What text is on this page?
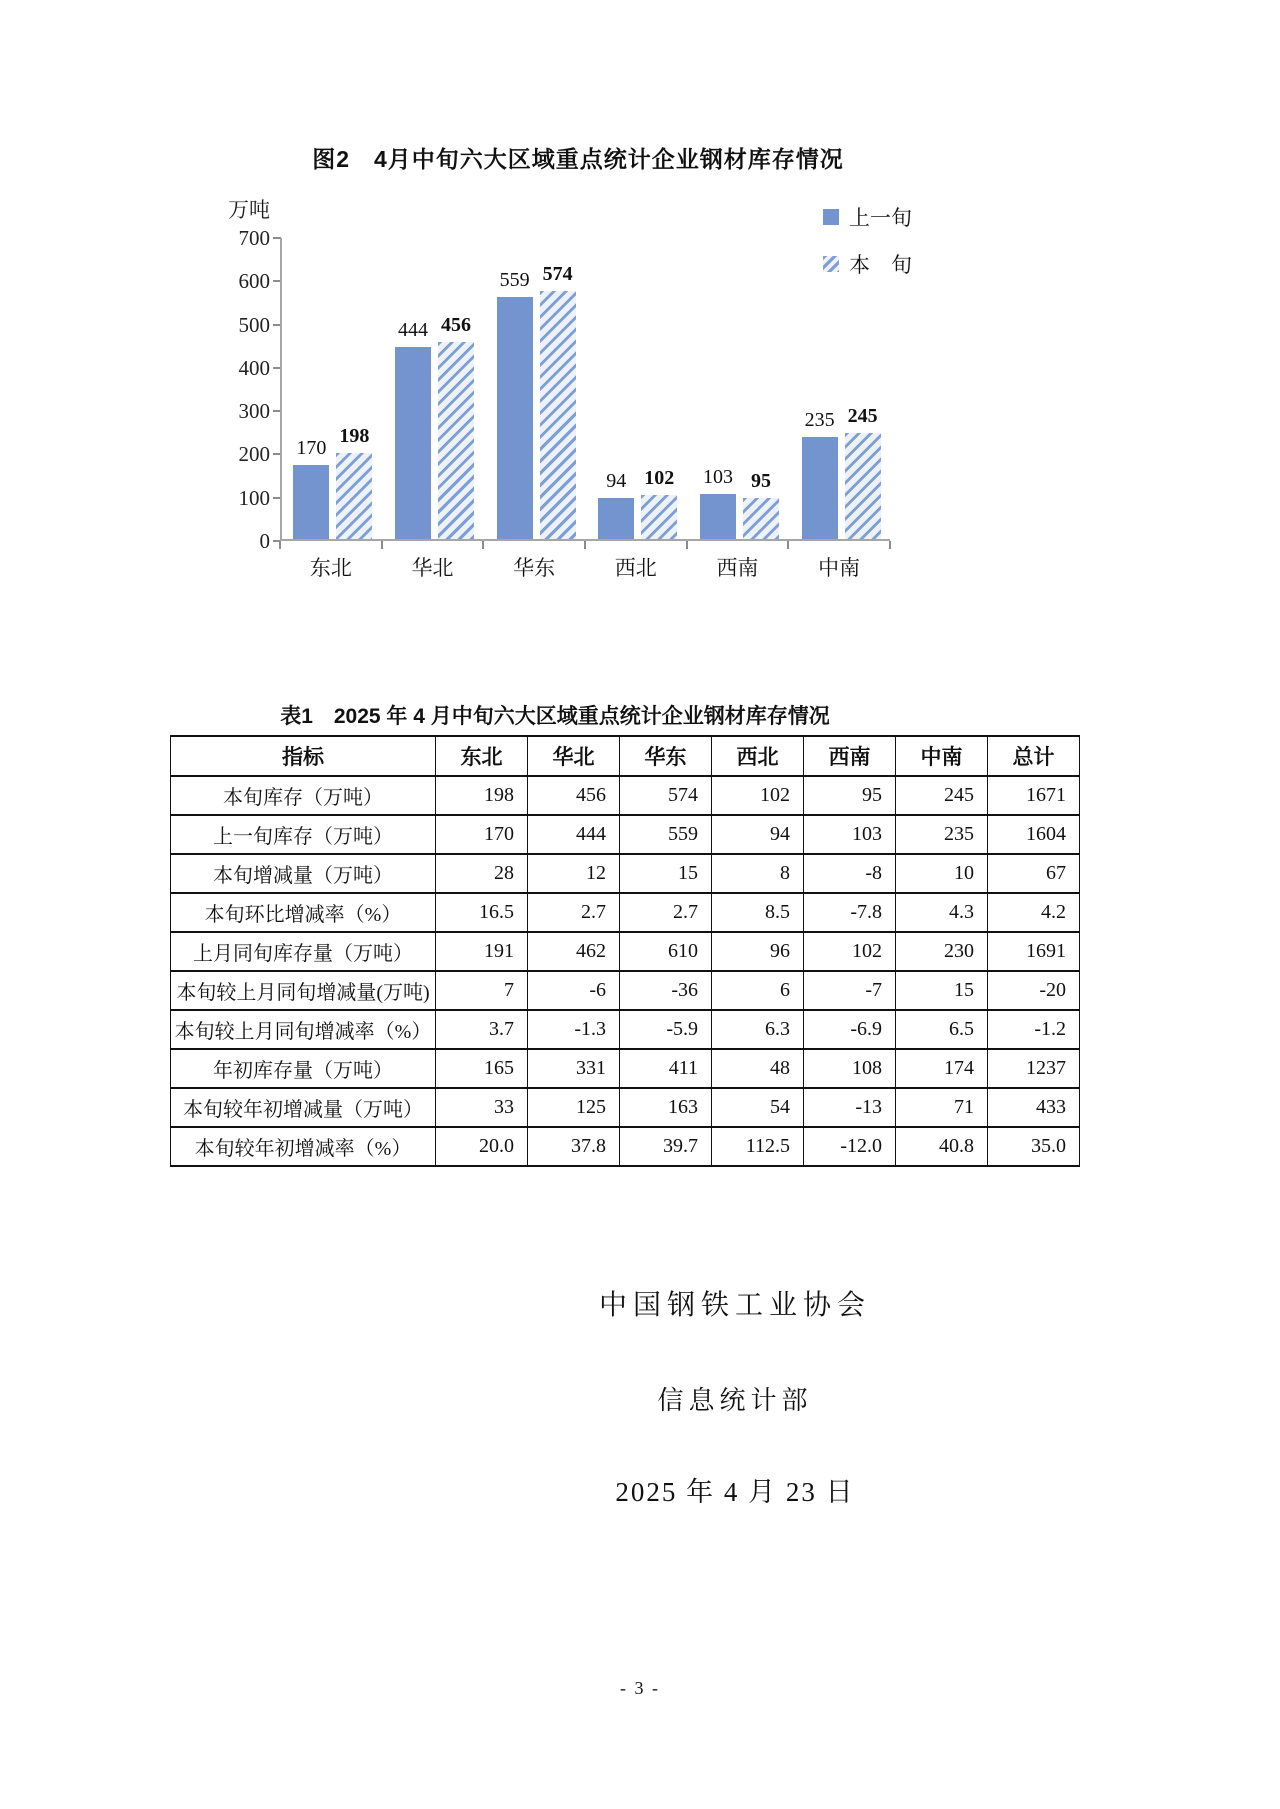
图2　4月中旬六大区域重点统计企业钢材库存情况
万吨	上一旬
本　旬
0
100
200
300
400
500
600
700
170
198
444 456
559 574
94 102 103 95
235 245
东北	华北	华东	西北	西南	中南
表1　2025 年 4 月中旬六大区域重点统计企业钢材库存情况
指标	东北	华北	华东	西北	西南	中南	总计
本旬库存（万吨）	198	456	574	102	95	245	1671
上一旬库存（万吨）	170	444	559	94	103	235	1604
本旬增减量（万吨）	28	12	15	8	-8	10	67
本旬环比增减率（%）	16.5	2.7	2.7	8.5	-7.8	4.3	4.2
上月同旬库存量（万吨）	191	462	610	96	102	230	1691
本旬较上月同旬增减量(万吨)	7	-6	-36	6	-7	15	-20
本旬较上月同旬增减率（%）	3.7	-1.3	-5.9	6.3	-6.9	6.5	-1.2
年初库存量（万吨）	165	331	411	48	108	174	1237
本旬较年初增减量（万吨）	33	125	163	54	-13	71	433
本旬较年初增减率（%）	20.0	37.8	39.7	112.5	-12.0	40.8	35.0
中国钢铁工业协会
信息统计部
2025 年 4 月 23 日
- 3 -
